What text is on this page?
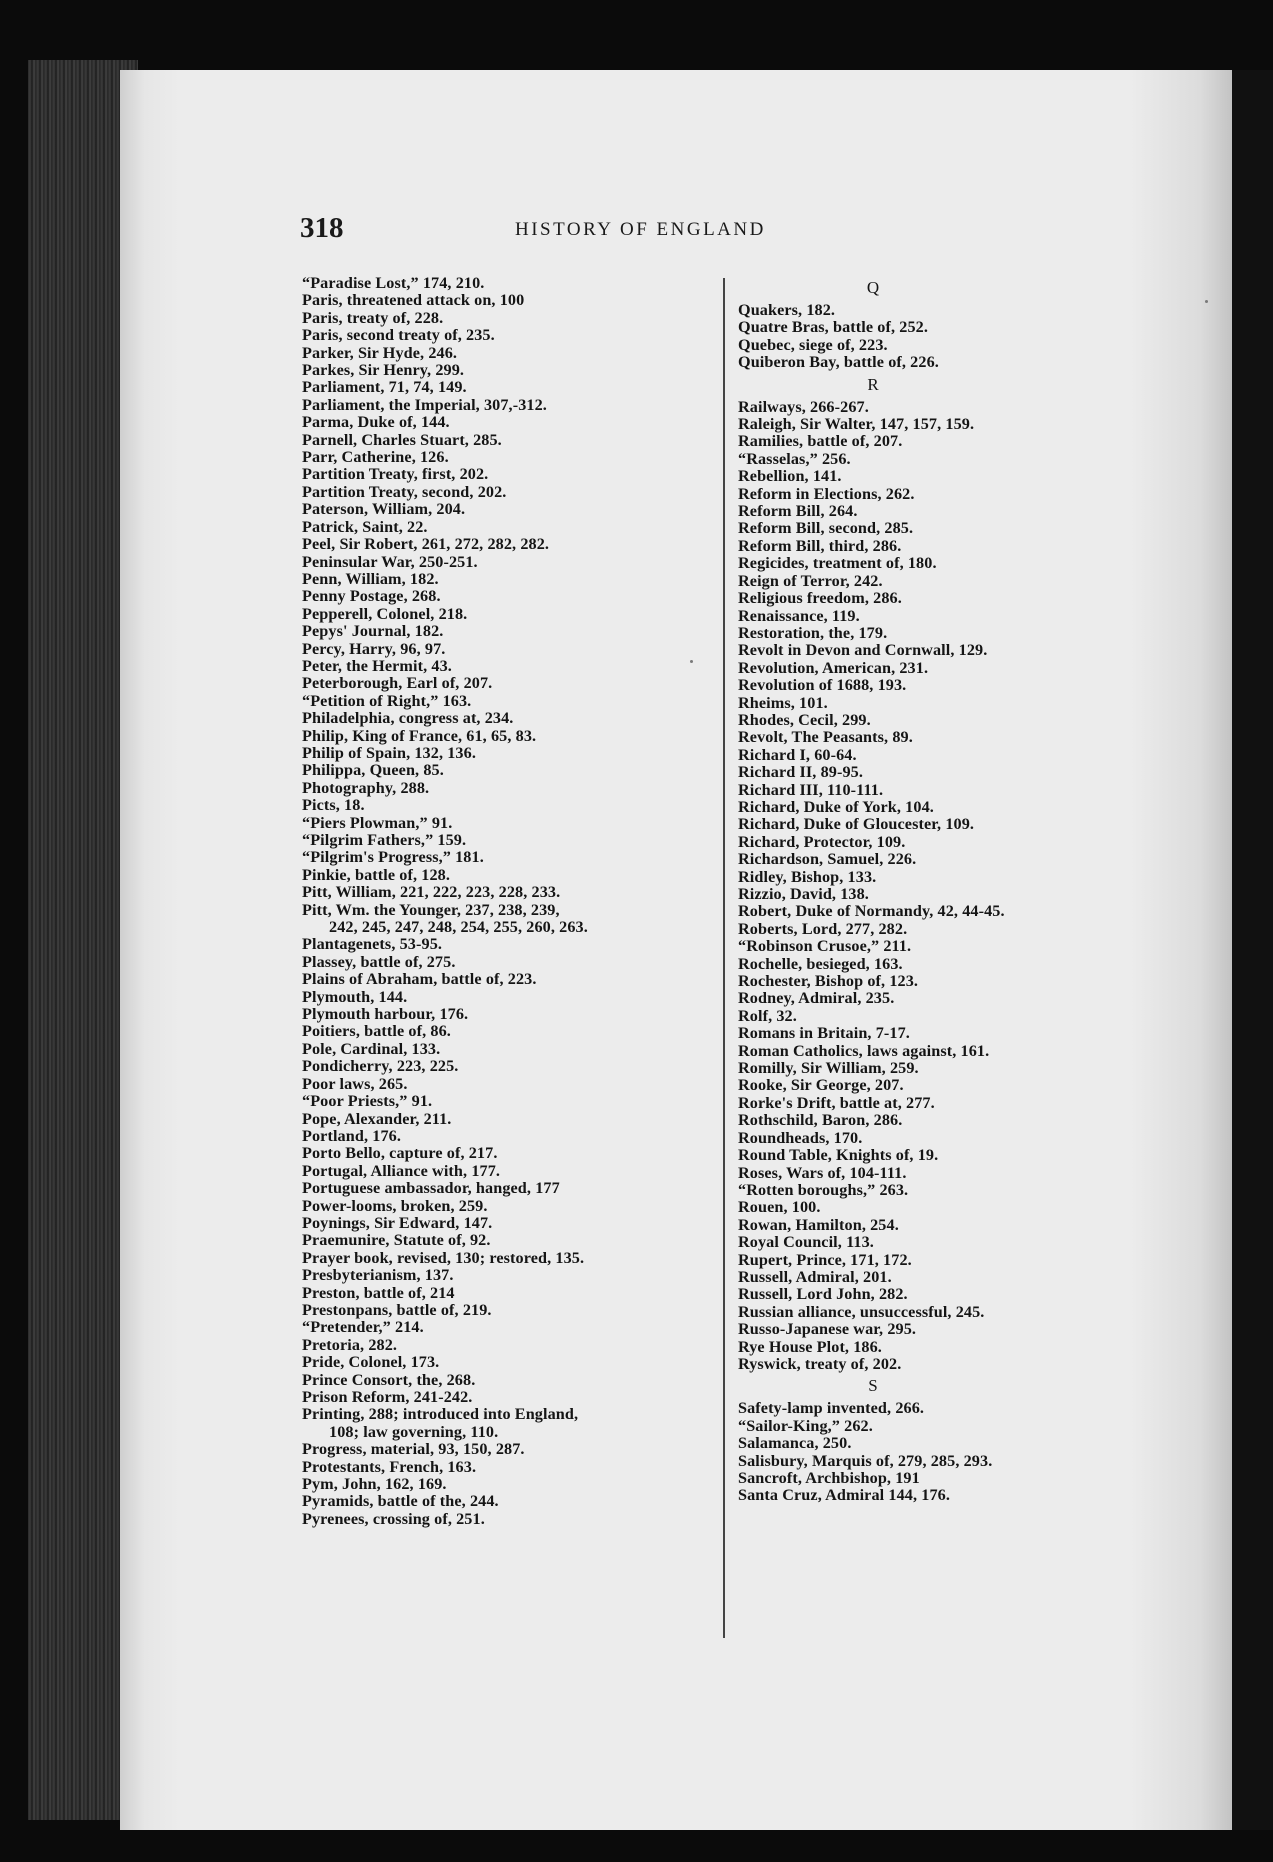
318	HISTORY OF ENGLAND
“Paradise Lost,” 174, 210.
Paris, threatened attack on, 100
Paris, treaty of, 228.
Paris, second treaty of, 235.
Parker, Sir Hyde, 246.
Parkes, Sir Henry, 299.
Parliament, 71, 74, 149.
Parliament, the Imperial, 307,-312.
Parma, Duke of, 144.
Parnell, Charles Stuart, 285.
Parr, Catherine, 126.
Partition Treaty, first, 202.
Partition Treaty, second, 202.
Paterson, William, 204.
Patrick, Saint, 22.
Peel, Sir Robert, 261, 272, 282, 282.
Peninsular War, 250-251.
Penn, William, 182.
Penny Postage, 268.
Pepperell, Colonel, 218.
Pepys' Journal, 182.
Percy, Harry, 96, 97.
Peter, the Hermit, 43.
Peterborough, Earl of, 207.
“Petition of Right,” 163.
Philadelphia, congress at, 234.
Philip, King of France, 61, 65, 83.
Philip of Spain, 132, 136.
Philippa, Queen, 85.
Photography, 288.
Picts, 18.
“Piers Plowman,” 91.
“Pilgrim Fathers,” 159.
“Pilgrim's Progress,” 181.
Pinkie, battle of, 128.
Pitt, William, 221, 222, 223, 228, 233.
Pitt, Wm. the Younger, 237, 238, 239,
242, 245, 247, 248, 254, 255, 260, 263.
Plantagenets, 53-95.
Plassey, battle of, 275.
Plains of Abraham, battle of, 223.
Plymouth, 144.
Plymouth harbour, 176.
Poitiers, battle of, 86.
Pole, Cardinal, 133.
Pondicherry, 223, 225.
Poor laws, 265.
“Poor Priests,” 91.
Pope, Alexander, 211.
Portland, 176.
Porto Bello, capture of, 217.
Portugal, Alliance with, 177.
Portuguese ambassador, hanged, 177
Power-looms, broken, 259.
Poynings, Sir Edward, 147.
Praemunire, Statute of, 92.
Prayer book, revised, 130; restored, 135.
Presbyterianism, 137.
Preston, battle of, 214
Prestonpans, battle of, 219.
“Pretender,” 214.
Pretoria, 282.
Pride, Colonel, 173.
Prince Consort, the, 268.
Prison Reform, 241-242.
Printing, 288; introduced into England,
108; law governing, 110.
Progress, material, 93, 150, 287.
Protestants, French, 163.
Pym, John, 162, 169.
Pyramids, battle of the, 244.
Pyrenees, crossing of, 251.
Q
Quakers, 182.
Quatre Bras, battle of, 252.
Quebec, siege of, 223.
Quiberon Bay, battle of, 226.
R
Railways, 266-267.
Raleigh, Sir Walter, 147, 157, 159.
Ramilies, battle of, 207.
“Rasselas,” 256.
Rebellion, 141.
Reform in Elections, 262.
Reform Bill, 264.
Reform Bill, second, 285.
Reform Bill, third, 286.
Regicides, treatment of, 180.
Reign of Terror, 242.
Religious freedom, 286.
Renaissance, 119.
Restoration, the, 179.
Revolt in Devon and Cornwall, 129.
Revolution, American, 231.
Revolution of 1688, 193.
Rheims, 101.
Rhodes, Cecil, 299.
Revolt, The Peasants, 89.
Richard I, 60-64.
Richard II, 89-95.
Richard III, 110-111.
Richard, Duke of York, 104.
Richard, Duke of Gloucester, 109.
Richard, Protector, 109.
Richardson, Samuel, 226.
Ridley, Bishop, 133.
Rizzio, David, 138.
Robert, Duke of Normandy, 42, 44-45.
Roberts, Lord, 277, 282.
“Robinson Crusoe,” 211.
Rochelle, besieged, 163.
Rochester, Bishop of, 123.
Rodney, Admiral, 235.
Rolf, 32.
Romans in Britain, 7-17.
Roman Catholics, laws against, 161.
Romilly, Sir William, 259.
Rooke, Sir George, 207.
Rorke's Drift, battle at, 277.
Rothschild, Baron, 286.
Roundheads, 170.
Round Table, Knights of, 19.
Roses, Wars of, 104-111.
“Rotten boroughs,” 263.
Rouen, 100.
Rowan, Hamilton, 254.
Royal Council, 113.
Rupert, Prince, 171, 172.
Russell, Admiral, 201.
Russell, Lord John, 282.
Russian alliance, unsuccessful, 245.
Russo-Japanese war, 295.
Rye House Plot, 186.
Ryswick, treaty of, 202.
S
Safety-lamp invented, 266.
“Sailor-King,” 262.
Salamanca, 250.
Salisbury, Marquis of, 279, 285, 293.
Sancroft, Archbishop, 191
Santa Cruz, Admiral 144, 176.
